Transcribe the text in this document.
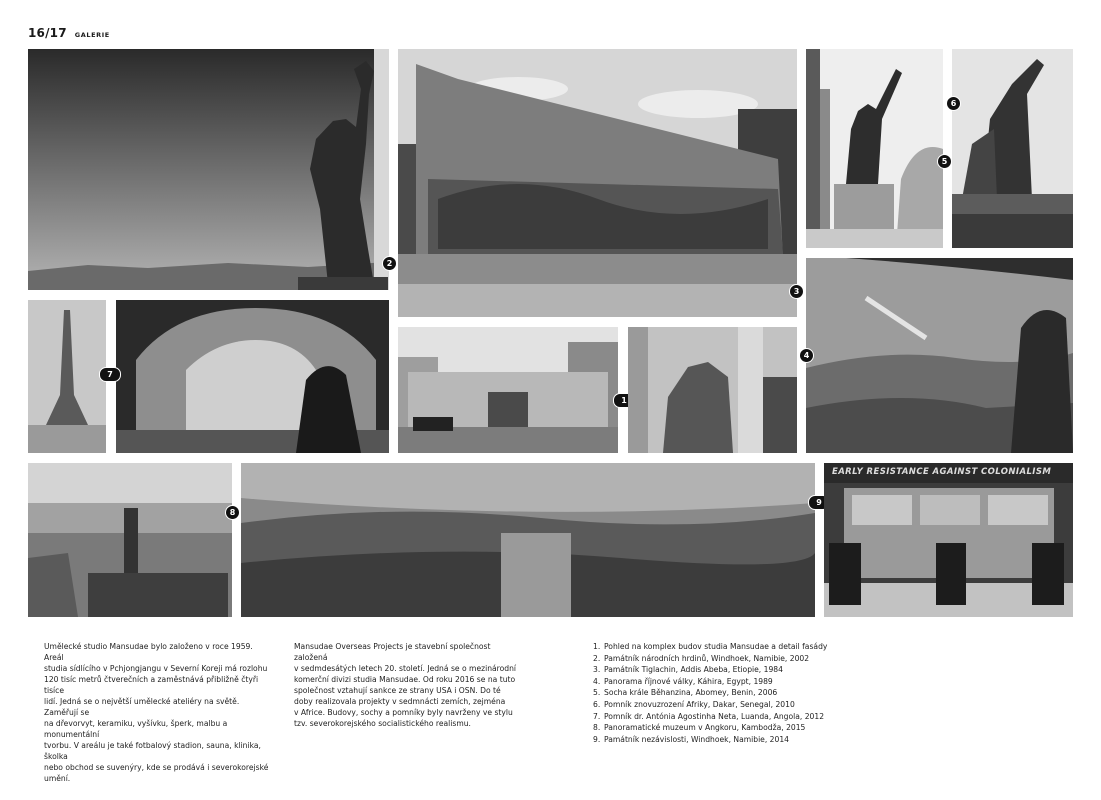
16/17 GALERIE
2
3
5
6
7
1
4
8
9
EARLY RESISTANCE AGAINST COLONIALISM
Umělecké studio Mansudae bylo založeno v roce 1959. Areál
studia sídlícího v Pchjongjangu v Severní Koreji má rozlohu
120 tisíc metrů čtverečních a zaměstnává přibližně čtyři tisíce
lidí. Jedná se o největší umělecké ateliéry na světě. Zaměřují se
na dřevorvyt, keramiku, vyšívku, šperk, malbu a monumentální
tvorbu. V areálu je také fotbalový stadion, sauna, klinika, školka
nebo obchod se suvenýry, kde se prodává i severokorejské umění.
Mansudae Overseas Projects je stavební společnost založená
v sedmdesátých letech 20. století. Jedná se o mezinárodní
komerční divizi studia Mansudae. Od roku 2016 se na tuto
společnost vztahují sankce ze strany USA i OSN. Do té
doby realizovala projekty v sedmnácti zemích, zejména
v Africe. Budovy, sochy a pomníky byly navrženy ve stylu
tzv. severokorejského socialistického realismu.
1. Pohled na komplex budov studia Mansudae a detail fasády
2. Památník národních hrdinů, Windhoek, Namibie, 2002
3. Památník Tiglachin, Addis Abeba, Etiopie, 1984
4. Panorama říjnové války, Káhira, Egypt, 1989
5. Socha krále Běhanzina, Abomey, Benin, 2006
6. Pomník znovuzrození Afriky, Dakar, Senegal, 2010
7. Pomník dr. Antónia Agostinha Neta, Luanda, Angola, 2012
8. Panoramatické muzeum v Angkoru, Kambodža, 2015
9. Památník nezávislosti, Windhoek, Namibie, 2014
